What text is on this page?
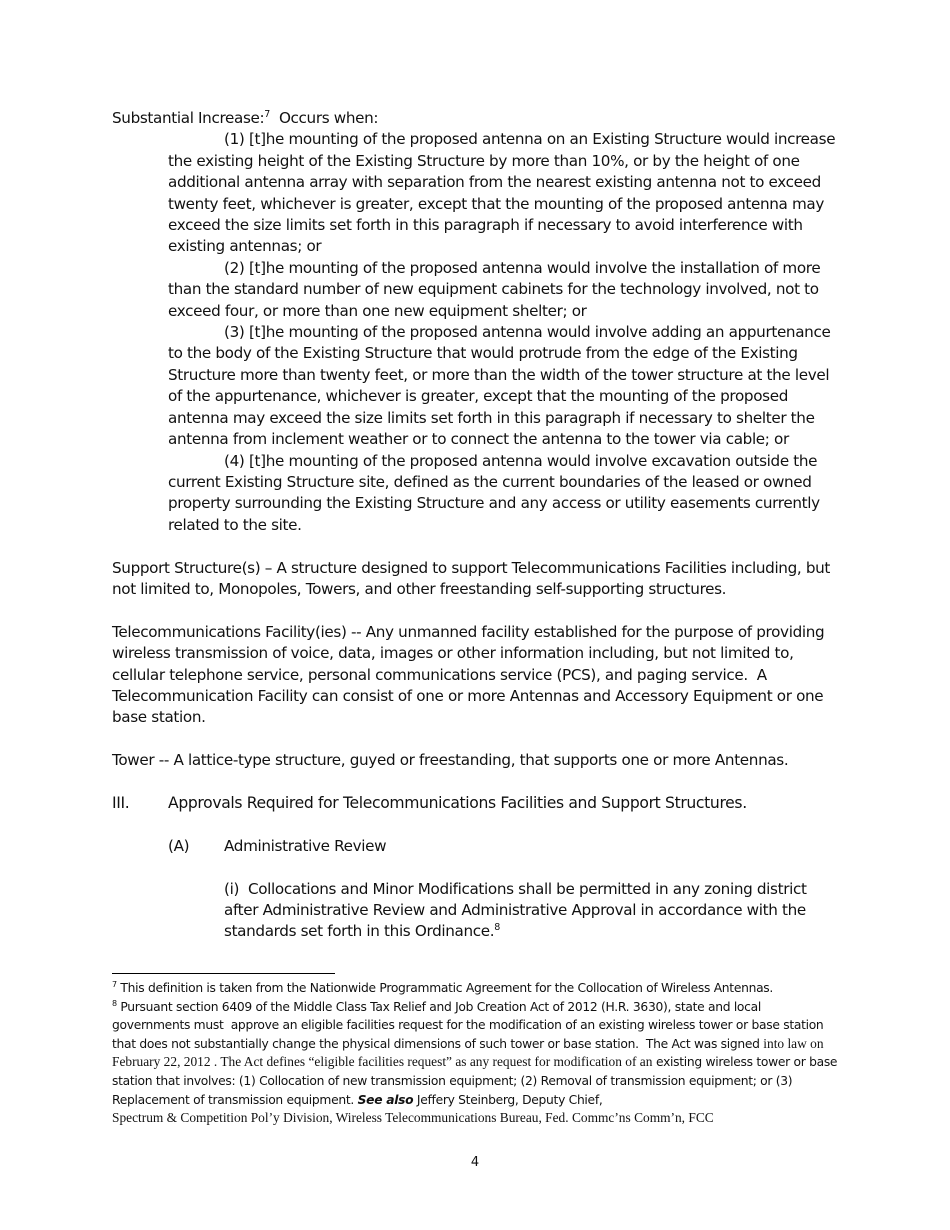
Substantial Increase:$^7$  Occurs when:

(1) [t]he mounting of the proposed antenna on an Existing Structure would increase the existing height of the Existing Structure by more than 10%, or by the height of one additional antenna array with separation from the nearest existing antenna not to exceed twenty feet, whichever is greater, except that the mounting of the proposed antenna may exceed the size limits set forth in this paragraph if necessary to avoid interference with existing antennas; or

(2) [t]he mounting of the proposed antenna would involve the installation of more than the standard number of new equipment cabinets for the technology involved, not to exceed four, or more than one new equipment shelter; or

(3) [t]he mounting of the proposed antenna would involve adding an appurtenance to the body of the Existing Structure that would protrude from the edge of the Existing Structure more than twenty feet, or more than the width of the tower structure at the level of the appurtenance, whichever is greater, except that the mounting of the proposed antenna may exceed the size limits set forth in this paragraph if necessary to shelter the antenna from inclement weather or to connect the antenna to the tower via cable; or

(4) [t]he mounting of the proposed antenna would involve excavation outside the current Existing Structure site, defined as the current boundaries of the leased or owned property surrounding the Existing Structure and any access or utility easements currently related to the site.

Support Structure(s) – A structure designed to support Telecommunications Facilities including, but not limited to, Monopoles, Towers, and other freestanding self-supporting structures.

Telecommunications Facility(ies) -- Any unmanned facility established for the purpose of providing wireless transmission of voice, data, images or other information including, but not limited to, cellular telephone service, personal communications service (PCS), and paging service.  A Telecommunication Facility can consist of one or more Antennas and Accessory Equipment or one base station.

Tower -- A lattice-type structure, guyed or freestanding, that supports one or more Antennas.

III.	Approvals Required for Telecommunications Facilities and Support Structures.

(A)	Administrative Review

(i)  Collocations and Minor Modifications shall be permitted in any zoning district after Administrative Review and Administrative Approval in accordance with the standards set forth in this Ordinance.$^8$

$^7$ This definition is taken from the Nationwide Programmatic Agreement for the Collocation of Wireless Antennas.

$^8$ Pursuant section 6409 of the Middle Class Tax Relief and Job Creation Act of 2012 (H.R. 3630), state and local governments must  approve an eligible facilities request for the modification of an existing wireless tower or base station that does not substantially change the physical dimensions of such tower or base station.  The Act was signed into law on February 22, 2012 . The Act defines “eligible facilities request” as any request for modification of an existing wireless tower or base station that involves: (1) Collocation of new transmission equipment; (2) Removal of transmission equipment; or (3) Replacement of transmission equipment. See also Jeffery Steinberg, Deputy Chief,
Spectrum & Competition Pol’y Division, Wireless Telecommunications Bureau, Fed. Commc’ns Comm’n, FCC

4
